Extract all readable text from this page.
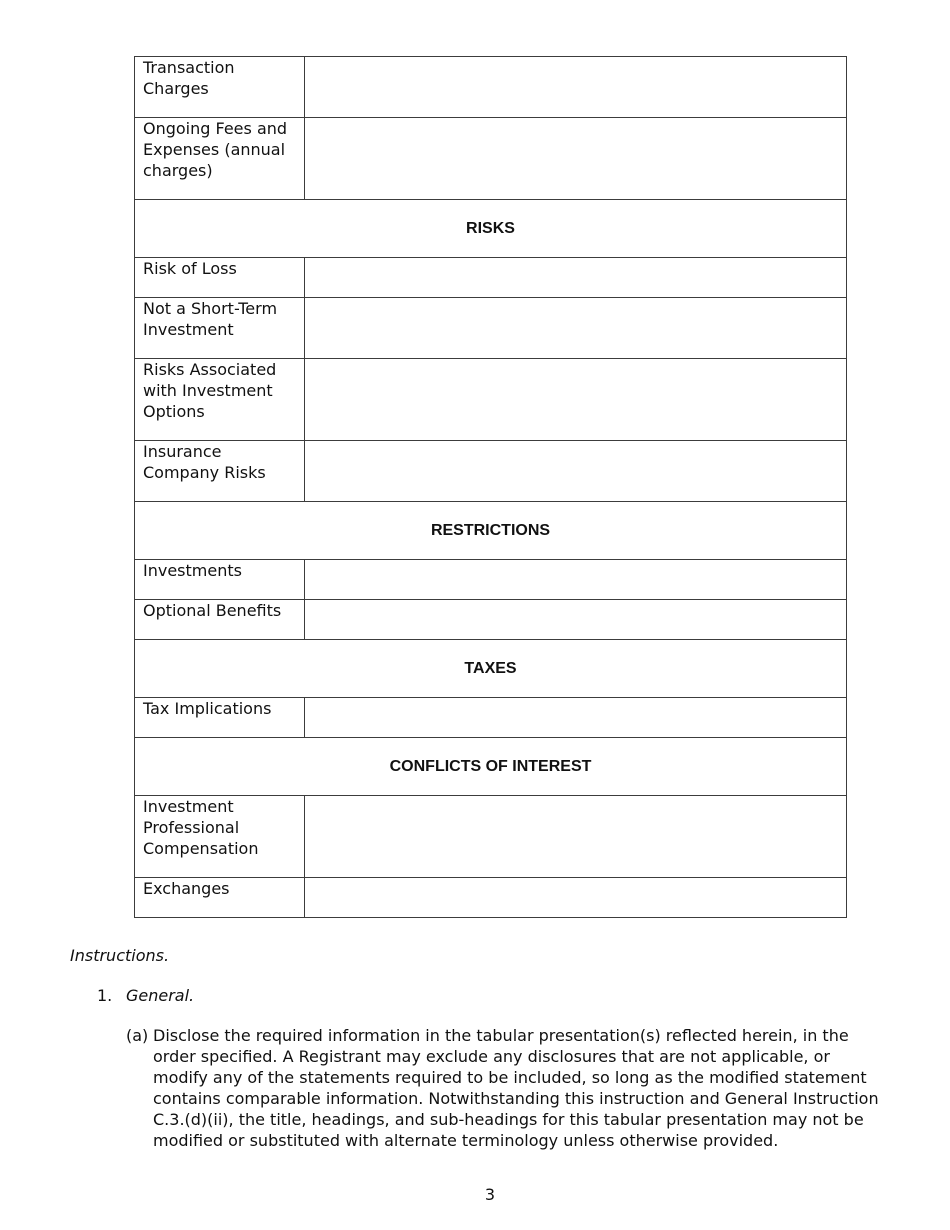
Transaction Charges	
Ongoing Fees and Expenses (annual charges)	
RISKS	
Risk of Loss	
Not a Short-Term Investment	
Risks Associated with Investment Options	
Insurance Company Risks	
RESTRICTIONS	
Investments	
Optional Benefits	
TAXES	
Tax Implications	
CONFLICTS OF INTEREST	
Investment Professional Compensation	
Exchanges	
Instructions.
1. General.
(a) Disclose the required information in the tabular presentation(s) reflected herein, in the order specified. A Registrant may exclude any disclosures that are not applicable, or modify any of the statements required to be included, so long as the modified statement contains comparable information. Notwithstanding this instruction and General Instruction C.3.(d)(ii), the title, headings, and sub-headings for this tabular presentation may not be modified or substituted with alternate terminology unless otherwise provided.
3
